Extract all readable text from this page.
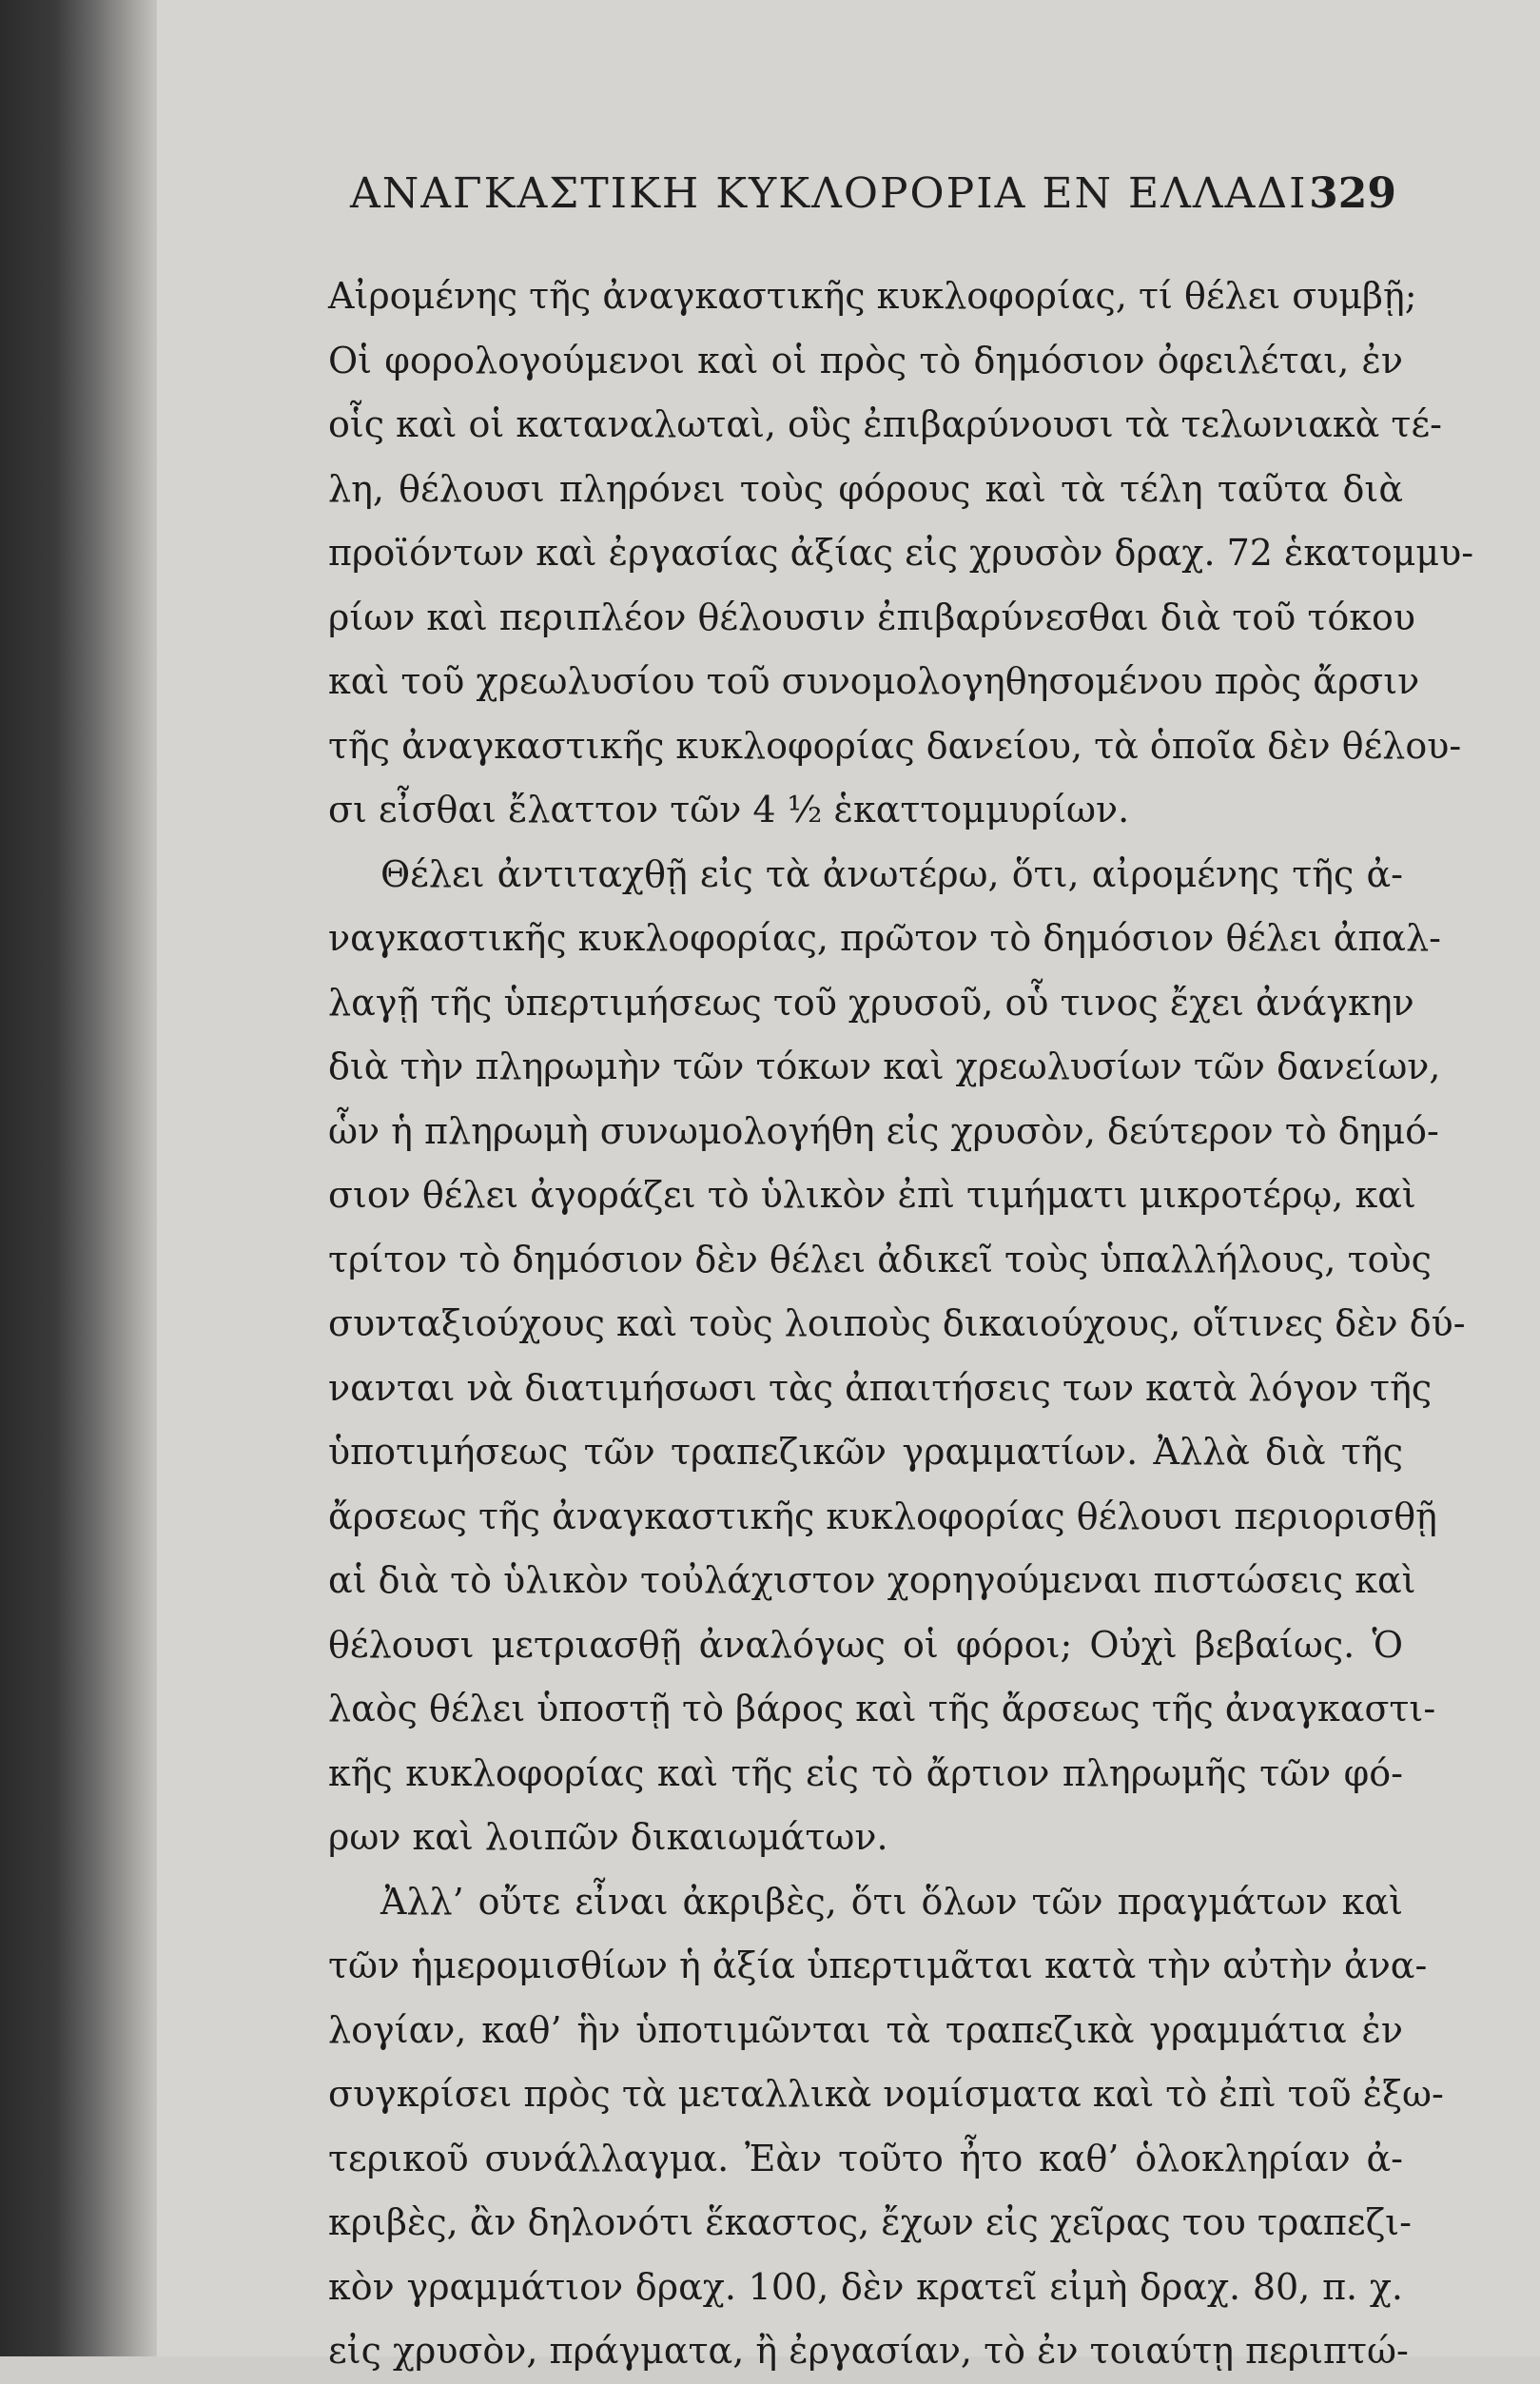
ΑΝΑΓΚΑΣΤΙΚΗ ΚΥΚΛΟΡΟΡΙΑ ΕΝ ΕΛΛΑΔΙ 329
Αἰρομένης τῆς ἀναγκαστικῆς κυκλοφορίας, τί θέλει συμβῇ;
Οἱ φορολογούμενοι καὶ οἱ πρὸς τὸ δημόσιον ὀφειλέται, ἐν
οἷς καὶ οἱ καταναλωταὶ, οὓς ἐπιβαρύνουσι τὰ τελωνιακὰ τέ-
λη, θέλουσι πληρόνει τοὺς φόρους καὶ τὰ τέλη ταῦτα διὰ
προϊόντων καὶ ἐργασίας ἀξίας εἰς χρυσὸν δραχ. 72 ἑκατομμυ-
ρίων καὶ περιπλέον θέλουσιν ἐπιβαρύνεσθαι διὰ τοῦ τόκου
καὶ τοῦ χρεωλυσίου τοῦ συνομολογηθησομένου πρὸς ἄρσιν
τῆς ἀναγκαστικῆς κυκλοφορίας δανείου, τὰ ὁποῖα δὲν θέλου-
σι εἶσθαι ἔλαττον τῶν 4 ½ ἑκαττομμυρίων.
Θέλει ἀντιταχθῇ εἰς τὰ ἀνωτέρω, ὅτι, αἰρομένης τῆς ἀ-
ναγκαστικῆς κυκλοφορίας, πρῶτον τὸ δημόσιον θέλει ἀπαλ-
λαγῇ τῆς ὑπερτιμήσεως τοῦ χρυσοῦ, οὗ τινος ἔχει ἀνάγκην
διὰ τὴν πληρωμὴν τῶν τόκων καὶ χρεωλυσίων τῶν δανείων,
ὧν ἡ πληρωμὴ συνωμολογήθη εἰς χρυσὸν, δεύτερον τὸ δημό-
σιον θέλει ἀγοράζει τὸ ὑλικὸν ἐπὶ τιμήματι μικροτέρῳ, καὶ
τρίτον τὸ δημόσιον δὲν θέλει ἀδικεῖ τοὺς ὑπαλλήλους, τοὺς
συνταξιούχους καὶ τοὺς λοιποὺς δικαιούχους, οἵτινες δὲν δύ-
νανται νὰ διατιμήσωσι τὰς ἀπαιτήσεις των κατὰ λόγον τῆς
ὑποτιμήσεως τῶν τραπεζικῶν γραμματίων. Ἀλλὰ διὰ τῆς
ἄρσεως τῆς ἀναγκαστικῆς κυκλοφορίας θέλουσι περιορισθῇ
αἱ διὰ τὸ ὑλικὸν τοὐλάχιστον χορηγούμεναι πιστώσεις καὶ
θέλουσι μετριασθῇ ἀναλόγως οἱ φόροι; Οὐχὶ βεβαίως. Ὁ
λαὸς θέλει ὑποστῇ τὸ βάρος καὶ τῆς ἄρσεως τῆς ἀναγκαστι-
κῆς κυκλοφορίας καὶ τῆς εἰς τὸ ἄρτιον πληρωμῆς τῶν φό-
ρων καὶ λοιπῶν δικαιωμάτων.
Ἀλλ’ οὔτε εἶναι ἀκριβὲς, ὅτι ὅλων τῶν πραγμάτων καὶ
τῶν ἡμερομισθίων ἡ ἀξία ὑπερτιμᾶται κατὰ τὴν αὐτὴν ἀνα-
λογίαν, καθ’ ἣν ὑποτιμῶνται τὰ τραπεζικὰ γραμμάτια ἐν
συγκρίσει πρὸς τὰ μεταλλικὰ νομίσματα καὶ τὸ ἐπὶ τοῦ ἐξω-
τερικοῦ συνάλλαγμα. Ἐὰν τοῦτο ἦτο καθ’ ὁλοκληρίαν ἀ-
κριβὲς, ἂν δηλονότι ἕκαστος, ἔχων εἰς χεῖρας του τραπεζι-
κὸν γραμμάτιον δραχ. 100, δὲν κρατεῖ εἰμὴ δραχ. 80, π. χ.
εἰς χρυσὸν, πράγματα, ἢ ἐργασίαν, τὸ ἐν τοιαύτῃ περιπτώ-
